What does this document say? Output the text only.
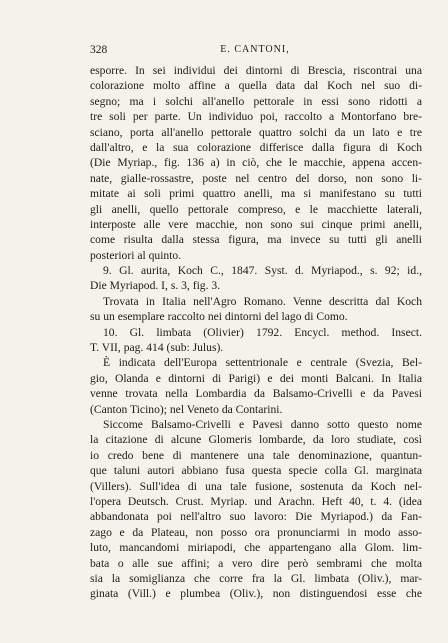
328	E. CANTONI,
esporre. In sei individui dei dintorni di Brescia, riscontrai una
colorazione molto affine a quella data dal Koch nel suo di-
segno; ma i solchi all'anello pettorale in essi sono ridotti a
tre soli per parte. Un individuo poi, raccolto a Montorfano bre-
sciano, porta all'anello pettorale quattro solchi da un lato e tre
dall'altro, e la sua colorazione differisce dalla figura di Koch
(Die Myriap., fig. 136 a) in ciò, che le macchie, appena accen-
nate, gialle-rossastre, poste nel centro del dorso, non sono li-
mitate ai soli primi quattro anelli, ma si manifestano su tutti
gli anelli, quello pettorale compreso, e le macchiette laterali,
interposte alle vere macchie, non sono sui cinque primi anelli,
come risulta dalla stessa figura, ma invece su tutti gli anelli
posteriori al quinto.
9. Gl. aurita, Koch C., 1847. Syst. d. Myriapod., s. 92; id.,
Die Myriapod. I, s. 3, fig. 3.
Trovata in Italia nell'Agro Romano. Venne descritta dal Koch
su un esemplare raccolto nei dintorni del lago di Como.
10. Gl. limbata (Olivier) 1792. Encycl. method. Insect.
T. VII, pag. 414 (sub: Julus).
È indicata dell'Europa settentrionale e centrale (Svezia, Bel-
gio, Olanda e dintorni di Parigi) e dei monti Balcani. In Italia
venne trovata nella Lombardia da Balsamo-Crivelli e da Pavesi
(Canton Ticino); nel Veneto da Contarini.
Siccome Balsamo-Crivelli e Pavesi danno sotto questo nome
la citazione di alcune Glomeris lombarde, da loro studiate, così
io credo bene di mantenere una tale denominazione, quantun-
que taluni autori abbiano fusa questa specie colla Gl. marginata
(Villers). Sull'idea di una tale fusione, sostenuta da Koch nel-
l'opera Deutsch. Crust. Myriap. und Arachn. Heft 40, t. 4. (idea
abbandonata poi nell'altro suo lavoro: Die Myriapod.) da Fan-
zago e da Plateau, non posso ora pronunciarmi in modo asso-
luto, mancandomi miriapodi, che appartengano alla Glom. lim-
bata o alle sue affini; a vero dire però sembrami che molta
sia la somiglianza che corre fra la Gl. limbata (Oliv.), mar-
ginata (Vill.) e plumbea (Oliv.), non distinguendosi esse che
